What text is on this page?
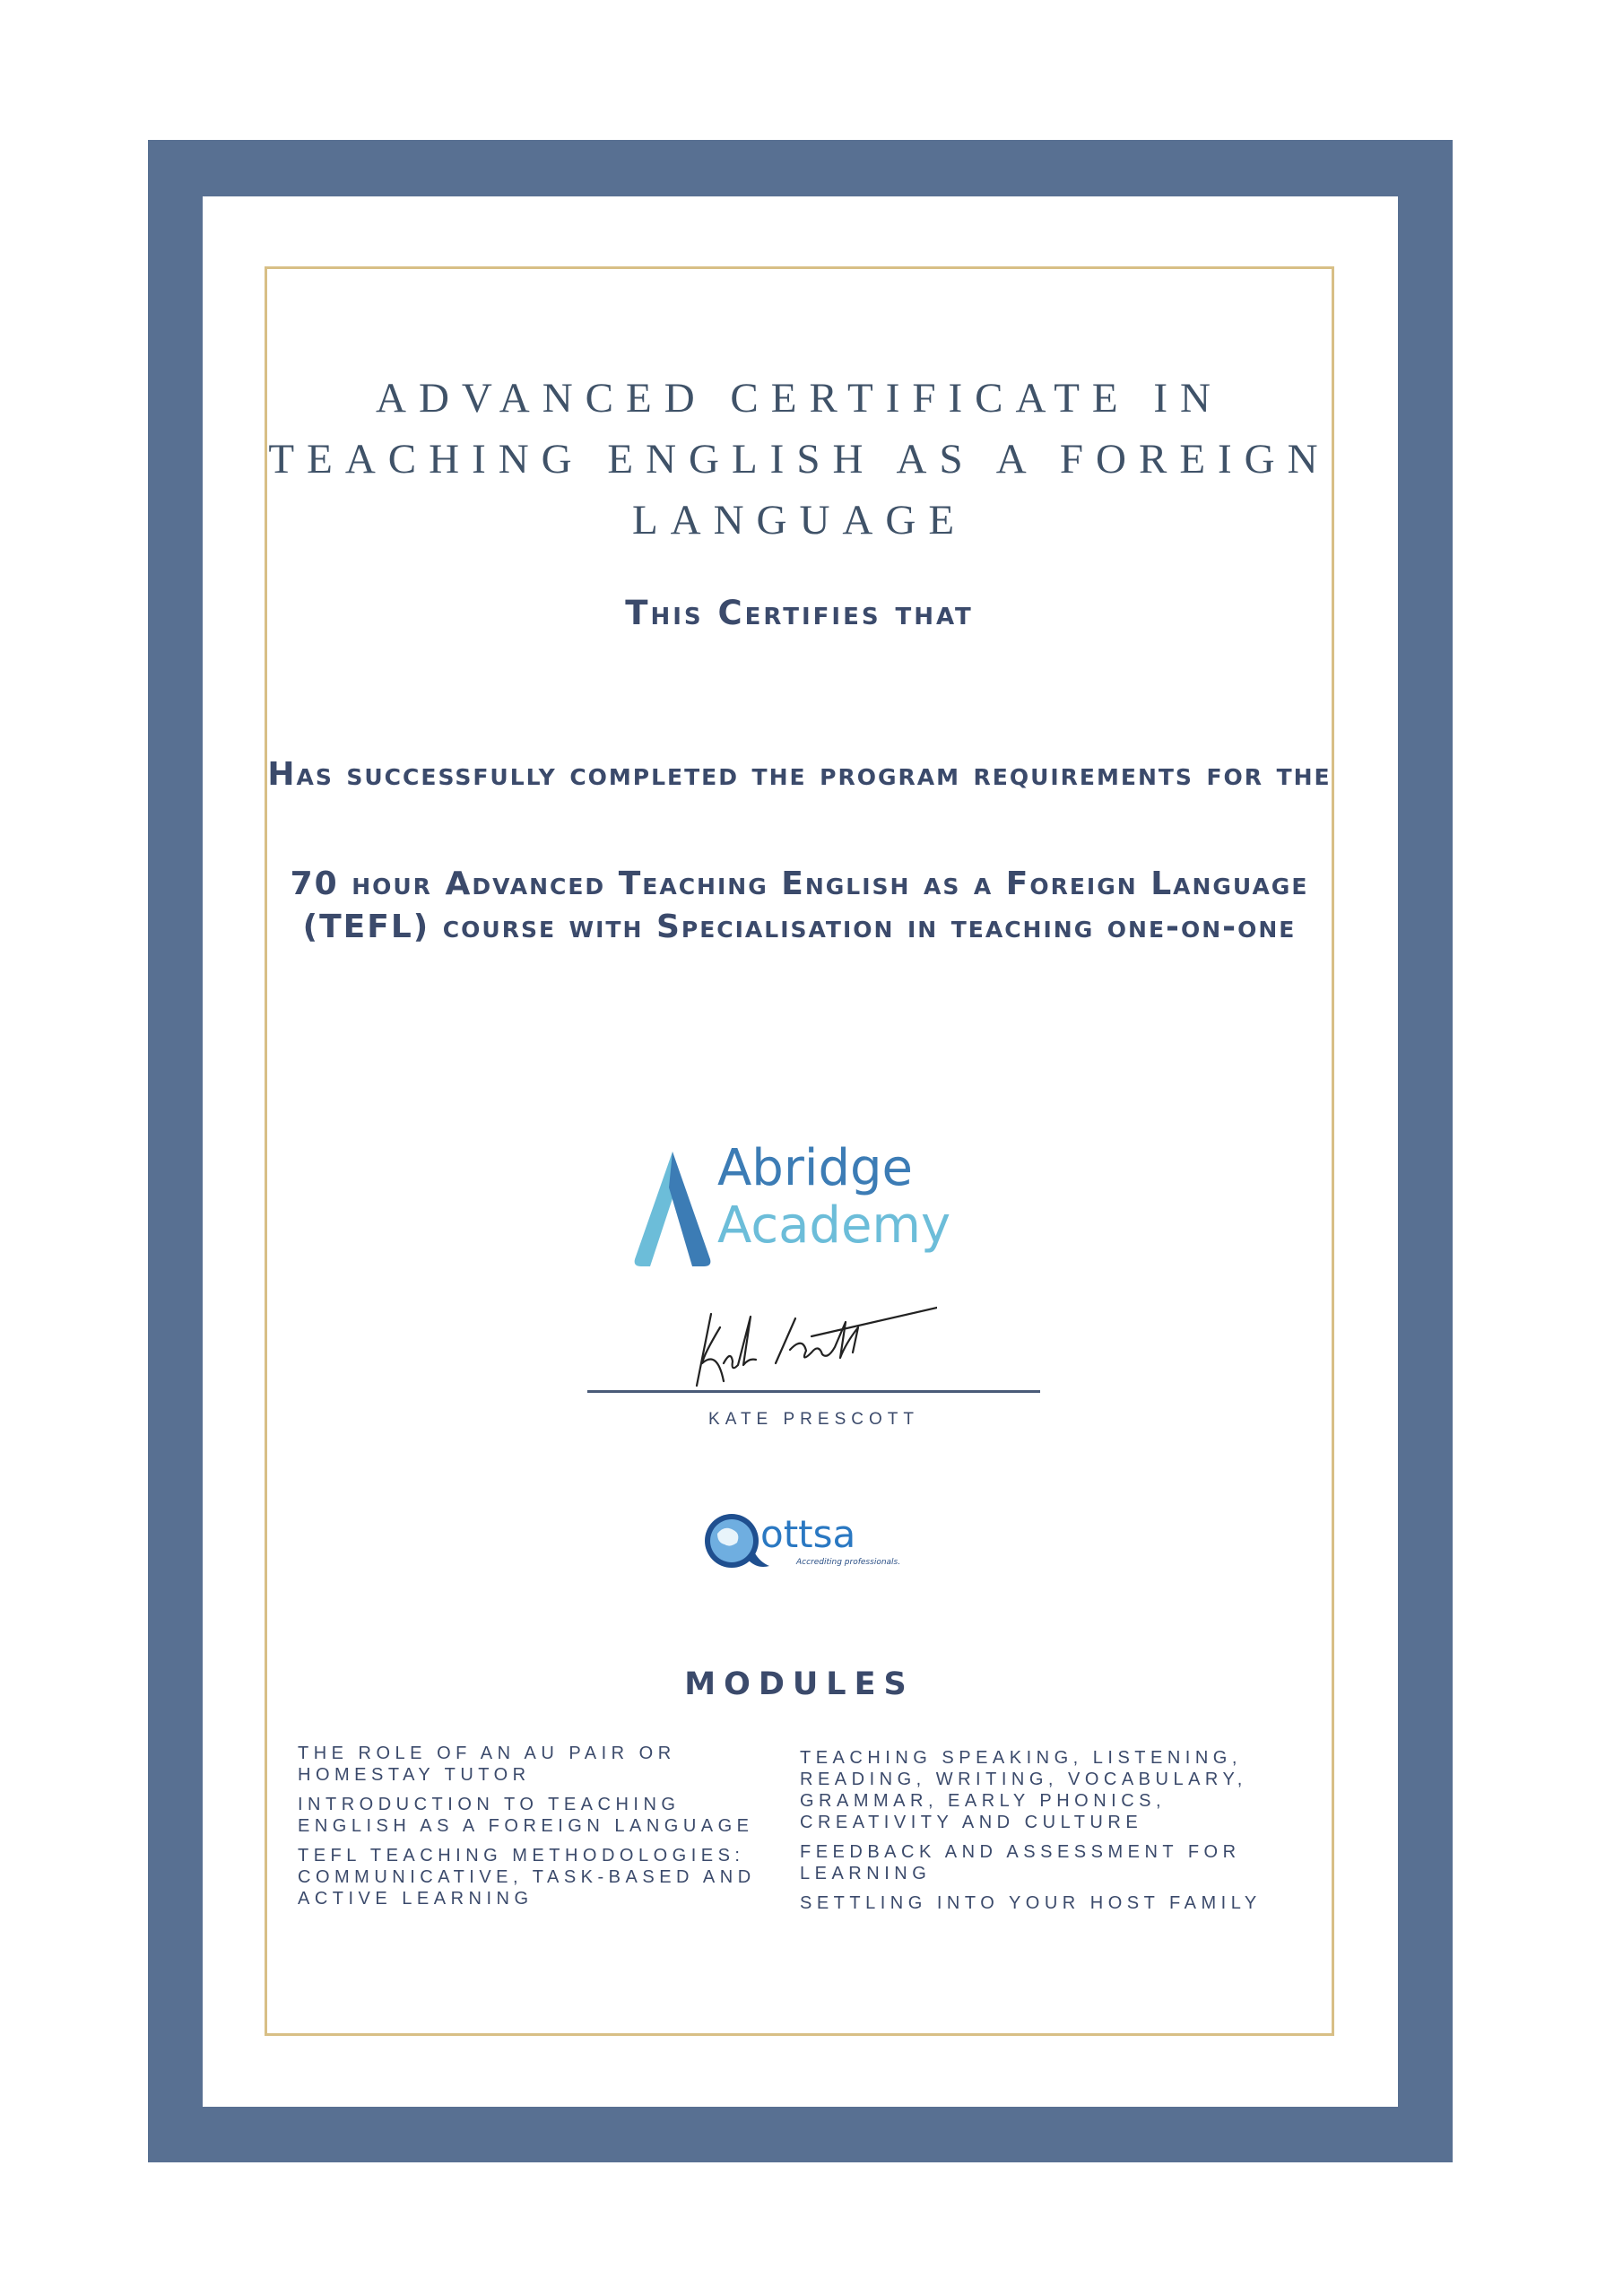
ADVANCED CERTIFICATE IN TEACHING ENGLISH AS A FOREIGN LANGUAGE
This Certifies that
Has successfully completed the program requirements for the
70 hour Advanced Teaching English as a Foreign Language (TEFL) course with Specialisation in teaching one-on-one
Abridge
Academy
KATE PRESCOTT
ottsa
Accrediting professionals.
MODULES
THE ROLE OF AN AU PAIR OR HOMESTAY TUTOR
INTRODUCTION TO TEACHING ENGLISH AS A FOREIGN LANGUAGE
TEFL TEACHING METHODOLOGIES: COMMUNICATIVE, TASK-BASED AND ACTIVE LEARNING
TEACHING SPEAKING, LISTENING, READING, WRITING, VOCABULARY, GRAMMAR, EARLY PHONICS, CREATIVITY AND CULTURE
FEEDBACK AND ASSESSMENT FOR LEARNING
SETTLING INTO YOUR HOST FAMILY
